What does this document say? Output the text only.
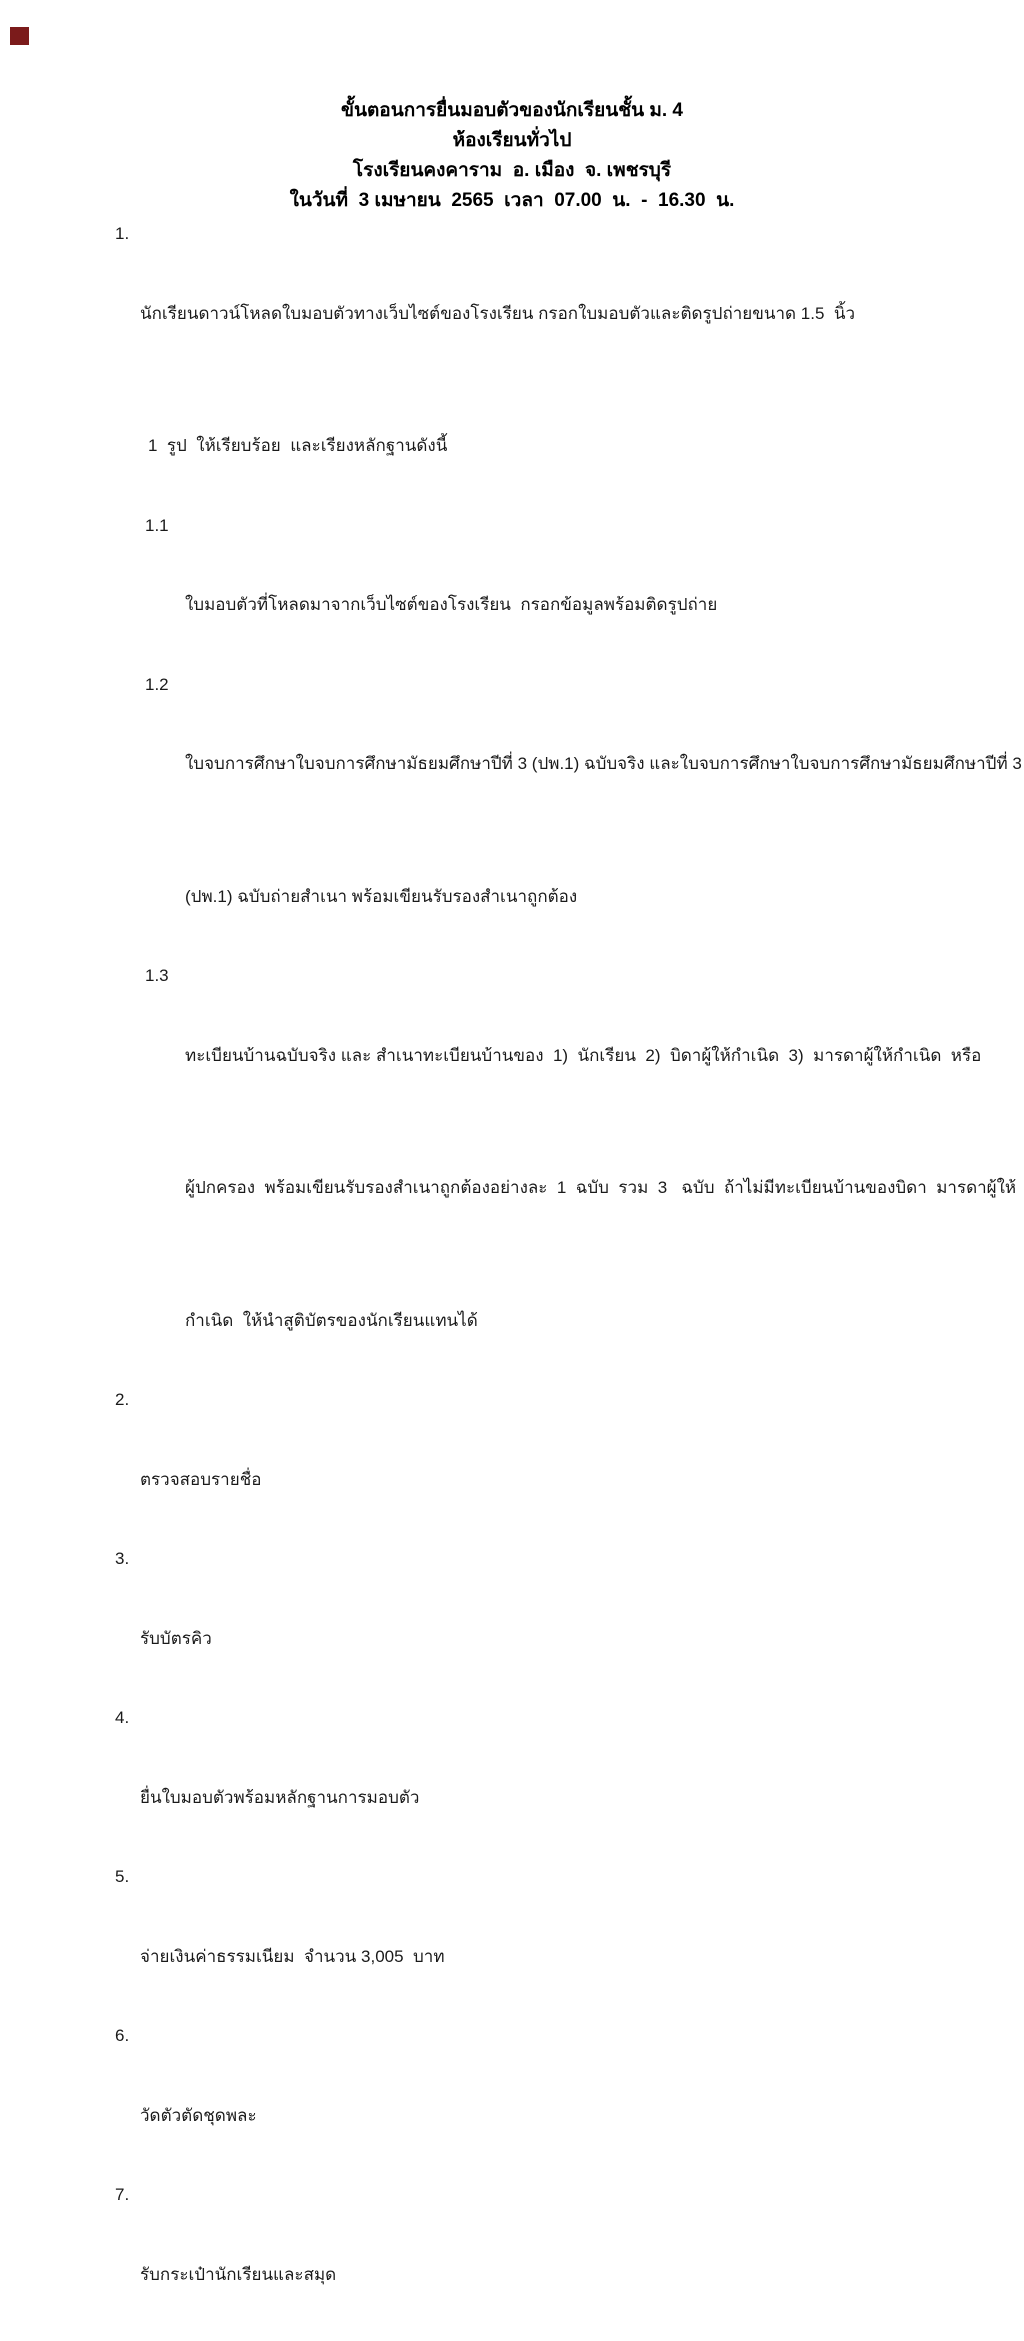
ขั้นตอนการยื่นมอบตัวของนักเรียนชั้น ม. 4
ห้องเรียนทั่วไป
โรงเรียนคงคาราม  อ. เมือง  จ. เพชรบุรี
ในวันที่  3 เมษายน  2565  เวลา  07.00  น.  -  16.30  น.

1.

นักเรียนดาวน์โหลดใบมอบตัวทางเว็บไซต์ของโรงเรียน กรอกใบมอบตัวและติดรูปถ่ายขนาด 1.5  นิ้ว

1  รูป  ให้เรียบร้อย  และเรียงหลักฐานดังนี้

1.1

ใบมอบตัวที่โหลดมาจากเว็บไซต์ของโรงเรียน  กรอกข้อมูลพร้อมติดรูปถ่าย

1.2

ใบจบการศึกษาใบจบการศึกษามัธยมศึกษาปีที่ 3 (ปพ.1) ฉบับจริง และใบจบการศึกษาใบจบการศึกษามัธยมศึกษาปีที่ 3

(ปพ.1) ฉบับถ่ายสำเนา พร้อมเขียนรับรองสำเนาถูกต้อง

1.3

ทะเบียนบ้านฉบับจริง และ สำเนาทะเบียนบ้านของ  1)  นักเรียน  2)  บิดาผู้ให้กำเนิด  3)  มารดาผู้ให้กำเนิด  หรือ

ผู้ปกครอง  พร้อมเขียนรับรองสำเนาถูกต้องอย่างละ  1  ฉบับ  รวม  3   ฉบับ  ถ้าไม่มีทะเบียนบ้านของบิดา  มารดาผู้ให้

กำเนิด  ให้นำสูติบัตรของนักเรียนแทนได้

2.

ตรวจสอบรายชื่อ

3.

รับบัตรคิว

4.

ยื่นใบมอบตัวพร้อมหลักฐานการมอบตัว

5.

จ่ายเงินค่าธรรมเนียม  จำนวน 3,005  บาท

6.

วัดตัวตัดชุดพละ

7.

รับกระเป๋านักเรียนและสมุด
